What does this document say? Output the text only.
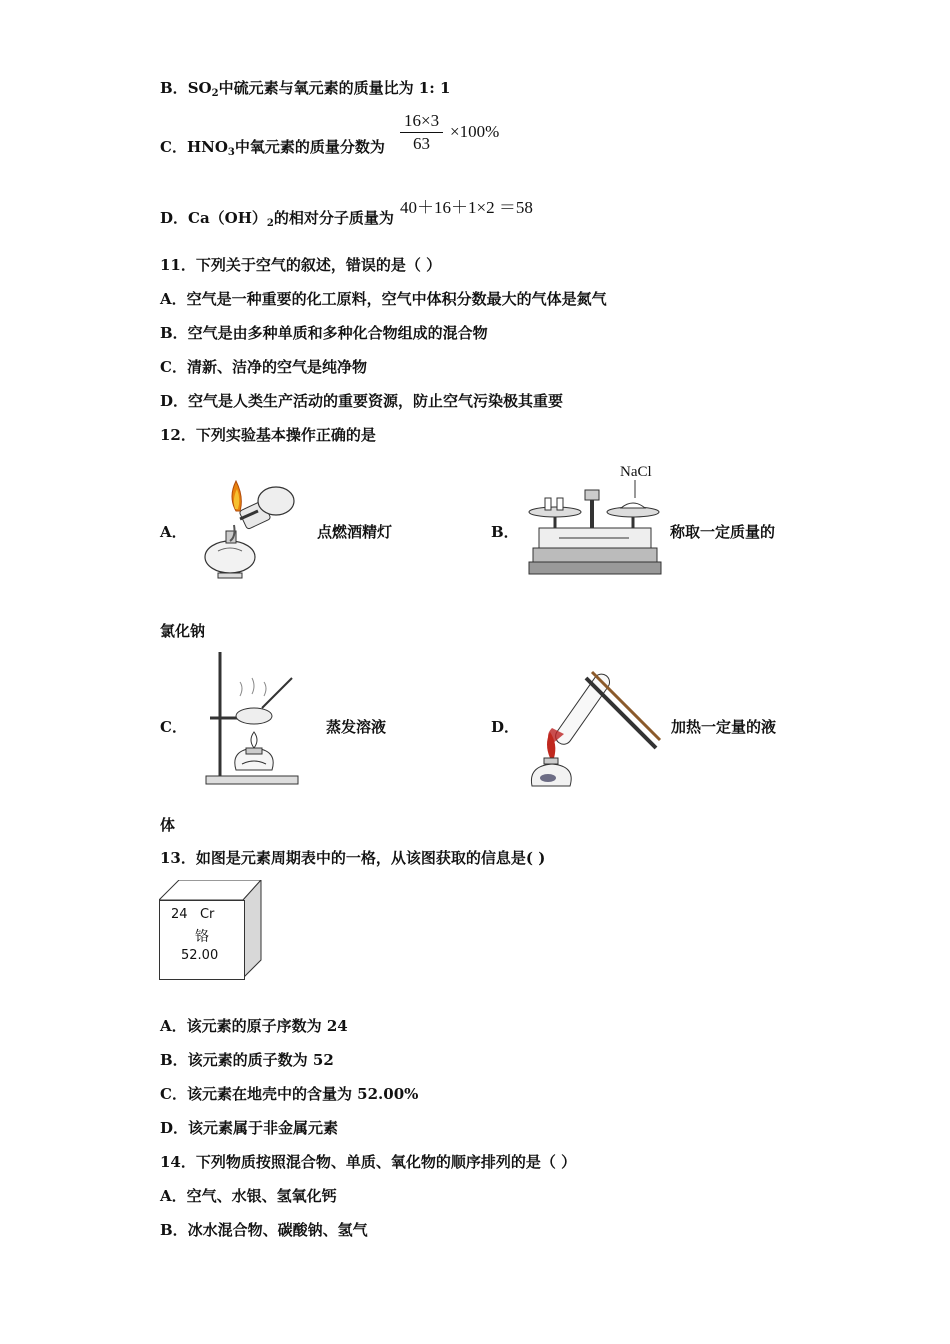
B．$SO_2$中硫元素与氧元素的质量比为 1: 1
C．$HNO_3$中氧元素的质量分数为 $\frac{16\times 3}{63} \times 100\%$
D．$Ca(OH)_2$的相对分子质量为
40＋16＋1×2 ＝58
11．下列关于空气的叙述，错误的是（ ）
A．空气是一种重要的化工原料，空气中体积分数最大的气体是氮气
B．空气是由多种单质和多种化合物组成的混合物
C．清新、洁净的空气是纯净物
D．空气是人类生产活动的重要资源，防止空气污染极其重要
12．下列实验基本操作正确的是
A．	点燃酒精灯	B．
NaCl
称取一定质量的
氯化钠
C．	蒸发溶液	D．	加热一定量的液
体
13．如图是元素周期表中的一格，从该图获取的信息是( )
24 Cr
铬
52.00
A．该元素的原子序数为 24
B．该元素的质子数为 52
C．该元素在地壳中的含量为 52.00%
D．该元素属于非金属元素
14．下列物质按照混合物、单质、氧化物的顺序排列的是（ ）
A．空气、水银、氢氧化钙
B．冰水混合物、碳酸钠、氢气
